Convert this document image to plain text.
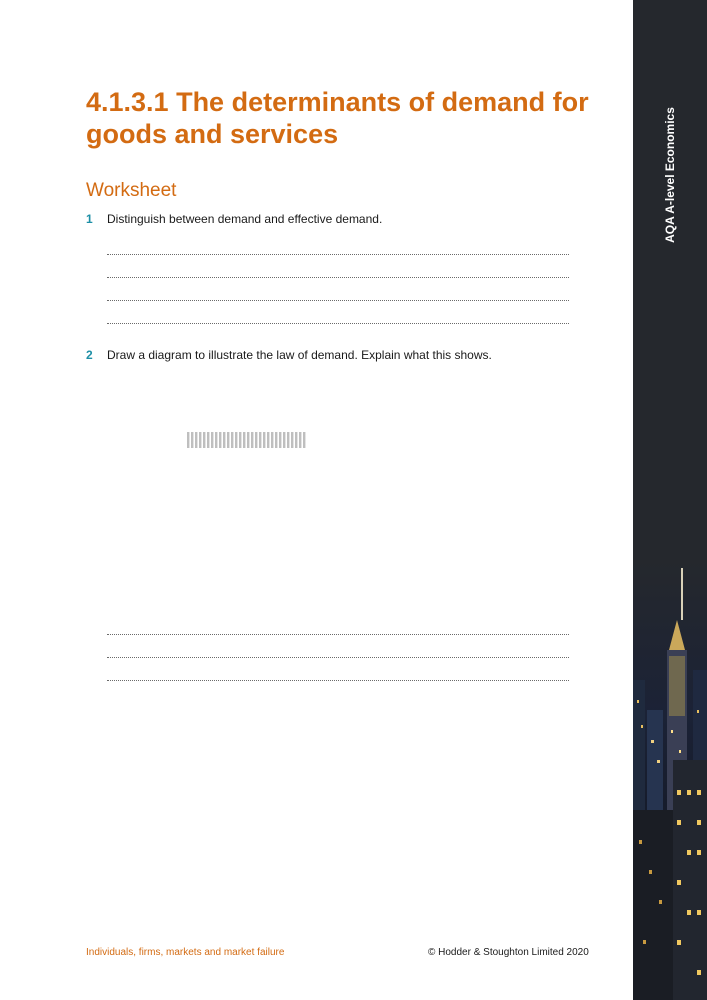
4.1.3.1 The determinants of demand for goods and services
Worksheet
1 Distinguish between demand and effective demand.
2 Draw a diagram to illustrate the law of demand. Explain what this shows.
Individuals, firms, markets and market failure	© Hodder & Stoughton Limited 2020
AQA A-level Economics
